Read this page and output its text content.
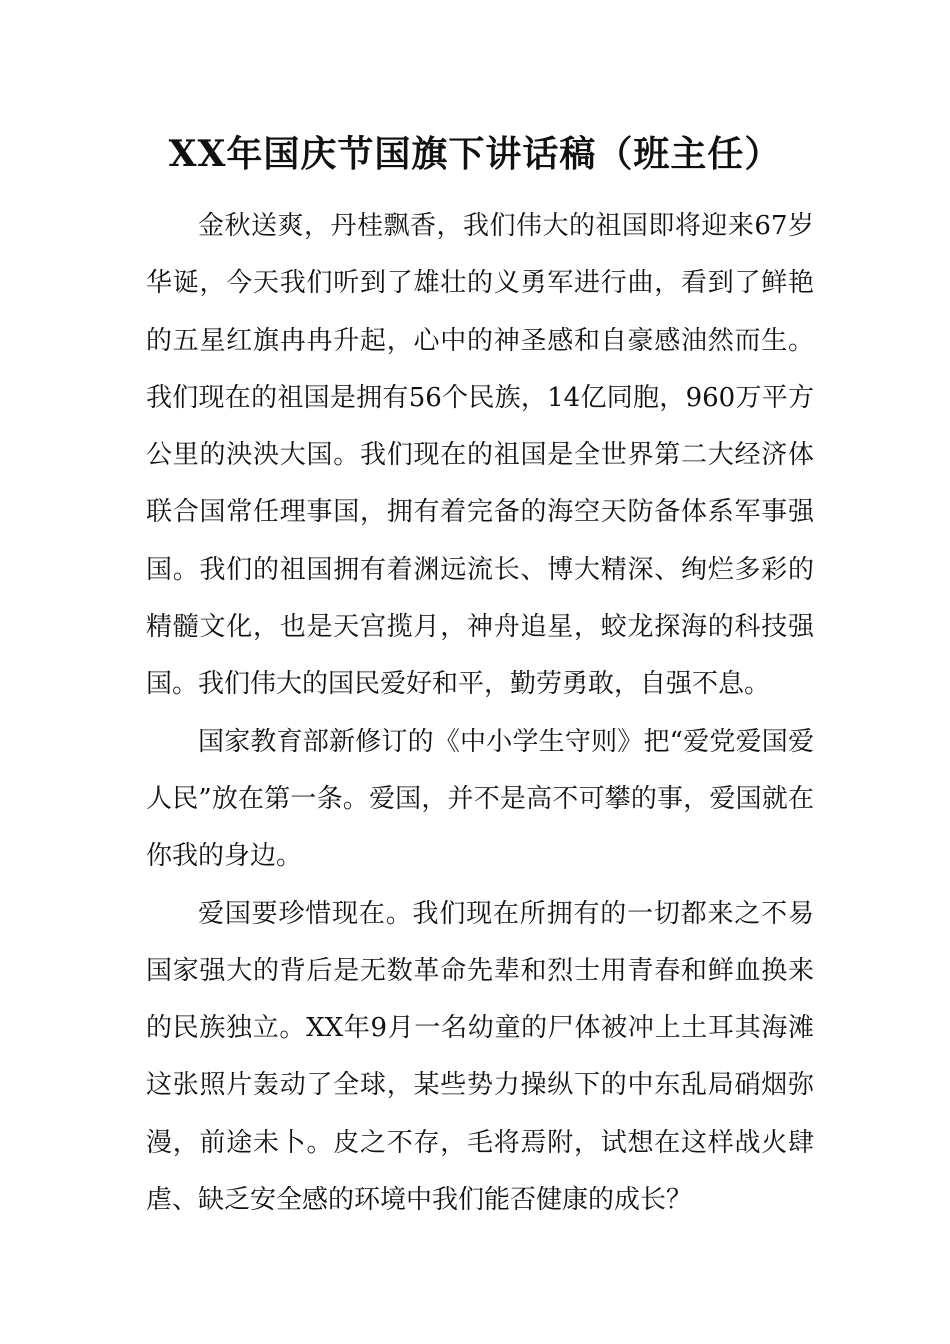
XX年国庆节国旗下讲话稿（班主任）

金秋送爽，丹桂飘香，我们伟大的祖国即将迎来67岁华诞，今天我们听到了雄壮的义勇军进行曲，看到了鲜艳的五星红旗冉冉升起，心中的神圣感和自豪感油然而生。我们现在的祖国是拥有56个民族，14亿同胞，960万平方公里的泱泱大国。我们现在的祖国是全世界第二大经济体联合国常任理事国，拥有着完备的海空天防备体系军事强国。我们的祖国拥有着渊远流长、博大精深、绚烂多彩的精髓文化，也是天宫揽月，神舟追星，蛟龙探海的科技强国。我们伟大的国民爱好和平，勤劳勇敢，自强不息。

国家教育部新修订的《中小学生守则》把“爱党爱国爱人民”放在第一条。爱国，并不是高不可攀的事，爱国就在你我的身边。

爱国要珍惜现在。我们现在所拥有的一切都来之不易国家强大的背后是无数革命先辈和烈士用青春和鲜血换来的民族独立。XX年9月一名幼童的尸体被冲上土耳其海滩这张照片轰动了全球，某些势力操纵下的中东乱局硝烟弥漫，前途未卜。皮之不存，毛将焉附，试想在这样战火肆虐、缺乏安全感的环境中我们能否健康的成长？
